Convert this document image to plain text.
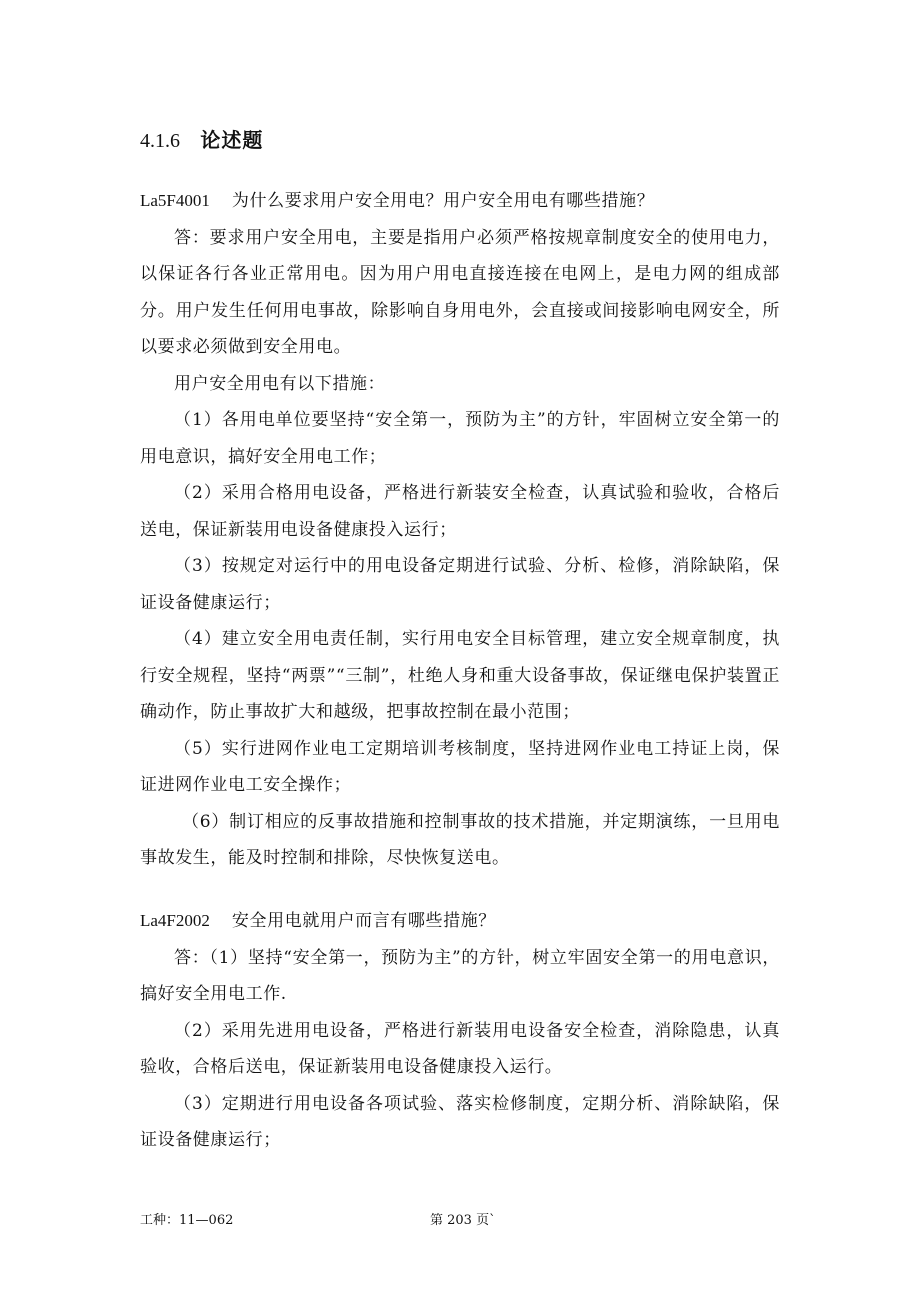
4.1.6 论述题
La5F4001 为什么要求用户安全用电？用户安全用电有哪些措施？
答：要求用户安全用电，主要是指用户必须严格按规章制度安全的使用电力，以保证各行各业正常用电。因为用户用电直接连接在电网上，是电力网的组成部分。用户发生任何用电事故，除影响自身用电外，会直接或间接影响电网安全，所以要求必须做到安全用电。
用户安全用电有以下措施：
（1）各用电单位要坚持“安全第一，预防为主”的方针，牢固树立安全第一的用电意识，搞好安全用电工作；
（2）采用合格用电设备，严格进行新装安全检查，认真试验和验收，合格后送电，保证新装用电设备健康投入运行；
（3）按规定对运行中的用电设备定期进行试验、分析、检修，消除缺陷，保证设备健康运行；
（4）建立安全用电责任制，实行用电安全目标管理，建立安全规章制度，执行安全规程，坚持“两票”“三制”，杜绝人身和重大设备事故，保证继电保护装置正确动作，防止事故扩大和越级，把事故控制在最小范围；
（5）实行进网作业电工定期培训考核制度，坚持进网作业电工持证上岗，保证进网作业电工安全操作；
（6）制订相应的反事故措施和控制事故的技术措施，并定期演练，一旦用电事故发生，能及时控制和排除，尽快恢复送电。
La4F2002 安全用电就用户而言有哪些措施？
答：（1）坚持“安全第一，预防为主”的方针，树立牢固安全第一的用电意识，搞好安全用电工作.
（2）采用先进用电设备，严格进行新装用电设备安全检查，消除隐患，认真验收，合格后送电，保证新装用电设备健康投入运行。
（3）定期进行用电设备各项试验、落实检修制度，定期分析、消除缺陷，保证设备健康运行；
工种：11—062	第 203 页`
